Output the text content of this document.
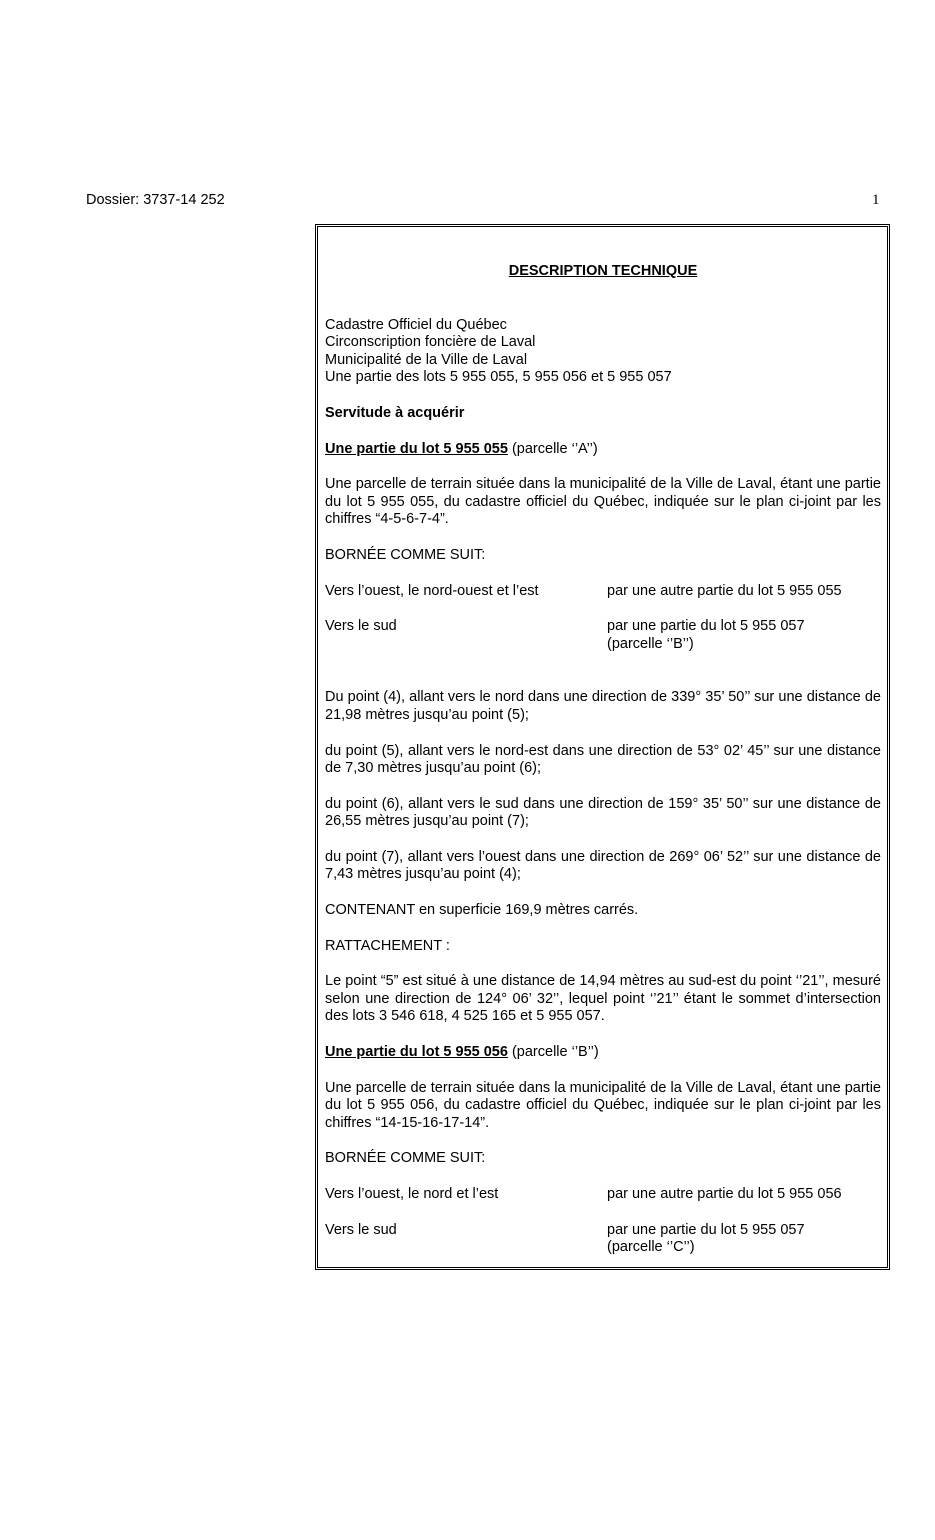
Dossier: 3737-14 252	1

DESCRIPTION TECHNIQUE

Cadastre Officiel du Québec
Circonscription foncière de Laval
Municipalité de la Ville de Laval
Une partie des lots 5 955 055, 5 955 056 et 5 955 057

Servitude à acquérir

Une partie du lot 5 955 055 (parcelle ‘’A’’)

Une parcelle de terrain située dans la municipalité de la Ville de Laval, étant une partie du lot 5 955 055, du cadastre officiel du Québec, indiquée sur le plan ci-joint par les chiffres “4-5-6-7-4”.

BORNÉE COMME SUIT:

Vers l’ouest, le nord-ouest et l’est	par une autre partie du lot 5 955 055
Vers le sud	par une partie du lot 5 955 057
(parcelle ‘’B’’)

Du point (4), allant vers le nord dans une direction de 339° 35’ 50’’ sur une distance de 21,98 mètres jusqu’au point (5);

du point (5), allant vers le nord-est dans une direction de 53° 02’ 45’’ sur une distance de 7,30 mètres jusqu’au point (6);

du point (6), allant vers le sud dans une direction de 159° 35’ 50’’ sur une distance de 26,55 mètres jusqu’au point (7);

du point (7), allant vers l’ouest dans une direction de 269° 06’ 52’’ sur une distance de 7,43 mètres jusqu’au point (4);

CONTENANT en superficie 169,9 mètres carrés.

RATTACHEMENT :

Le point “5” est situé à une distance de 14,94 mètres au sud-est du point ‘’21’’, mesuré selon une direction de 124° 06’ 32’’, lequel point ‘’21’’ étant le sommet d’intersection des lots 3 546 618, 4 525 165 et 5 955 057.

Une partie du lot 5 955 056 (parcelle ‘’B’’)

Une parcelle de terrain située dans la municipalité de la Ville de Laval, étant une partie du lot 5 955 056, du cadastre officiel du Québec, indiquée sur le plan ci-joint par les chiffres “14-15-16-17-14”.

BORNÉE COMME SUIT:

Vers l’ouest, le nord et l’est	par une autre partie du lot 5 955 056
Vers le sud	par une partie du lot 5 955 057
(parcelle ‘’C’’)
